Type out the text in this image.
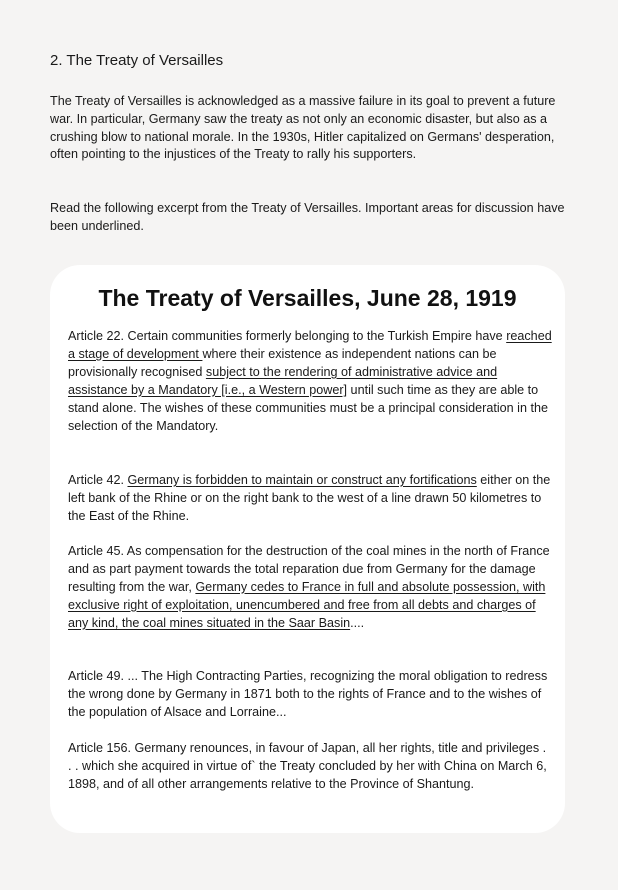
2. The Treaty of Versailles

The Treaty of Versailles is acknowledged as a massive failure in its goal to prevent a future war. In particular, Germany saw the treaty as not only an economic disaster, but also as a crushing blow to national morale. In the 1930s, Hitler capitalized on Germans' desperation, often pointing to the injustices of the Treaty to rally his supporters.

Read the following excerpt from the Treaty of Versailles. Important areas for discussion have been underlined.

The Treaty of Versailles, June 28, 1919

Article 22. Certain communities formerly belonging to the Turkish Empire have reached a stage of development where their existence as independent nations can be provisionally recognised subject to the rendering of administrative advice and assistance by a Mandatory [i.e., a Western power] until such time as they are able to stand alone. The wishes of these communities must be a principal consideration in the selection of the Mandatory.

Article 42. Germany is forbidden to maintain or construct any fortifications either on the left bank of the Rhine or on the right bank to the west of a line drawn 50 kilometres to the East of the Rhine.

Article 45. As compensation for the destruction of the coal mines in the north of France and as part payment towards the total reparation due from Germany for the damage resulting from the war, Germany cedes to France in full and absolute possession, with exclusive right of exploitation, unencumbered and free from all debts and charges of any kind, the coal mines situated in the Saar Basin....

Article 49. ... The High Contracting Parties, recognizing the moral obligation to redress the wrong done by Germany in 1871 both to the rights of France and to the wishes of the population of Alsace and Lorraine...

Article 156. Germany renounces, in favour of Japan, all her rights, title and privileges . . . which she acquired in virtue of` the Treaty concluded by her with China on March 6, 1898, and of all other arrangements relative to the Province of Shantung.
